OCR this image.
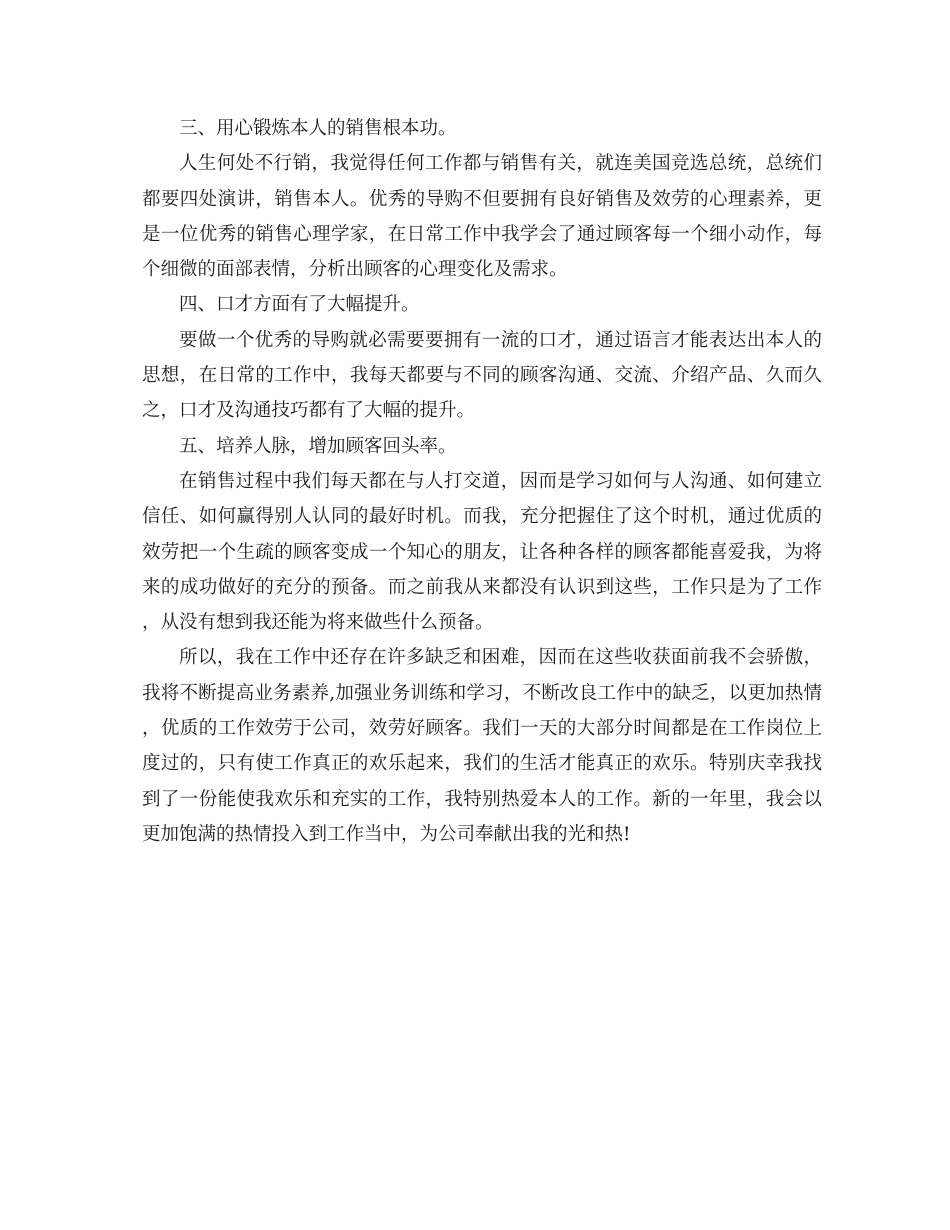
三、用心锻炼本人的销售根本功。

人生何处不行销，我觉得任何工作都与销售有关，就连美国竞选总统，总统们都要四处演讲，销售本人。优秀的导购不但要拥有良好销售及效劳的心理素养，更是一位优秀的销售心理学家，在日常工作中我学会了通过顾客每一个细小动作，每个细微的面部表情，分析出顾客的心理变化及需求。

四、口才方面有了大幅提升。

要做一个优秀的导购就必需要要拥有一流的口才，通过语言才能表达出本人的思想，在日常的工作中，我每天都要与不同的顾客沟通、交流、介绍产品、久而久之，口才及沟通技巧都有了大幅的提升。

五、培养人脉，增加顾客回头率。

在销售过程中我们每天都在与人打交道，因而是学习如何与人沟通、如何建立信任、如何赢得别人认同的最好时机。而我，充分把握住了这个时机，通过优质的效劳把一个生疏的顾客变成一个知心的朋友，让各种各样的顾客都能喜爱我，为将来的成功做好的充分的预备。而之前我从来都没有认识到这些，工作只是为了工作，从没有想到我还能为将来做些什么预备。

所以，我在工作中还存在许多缺乏和困难，因而在这些收获面前我不会骄傲，我将不断提高业务素养,加强业务训练和学习，不断改良工作中的缺乏，以更加热情，优质的工作效劳于公司，效劳好顾客。我们一天的大部分时间都是在工作岗位上度过的，只有使工作真正的欢乐起来，我们的生活才能真正的欢乐。特别庆幸我找到了一份能使我欢乐和充实的工作，我特别热爱本人的工作。新的一年里，我会以更加饱满的热情投入到工作当中，为公司奉献出我的光和热!
